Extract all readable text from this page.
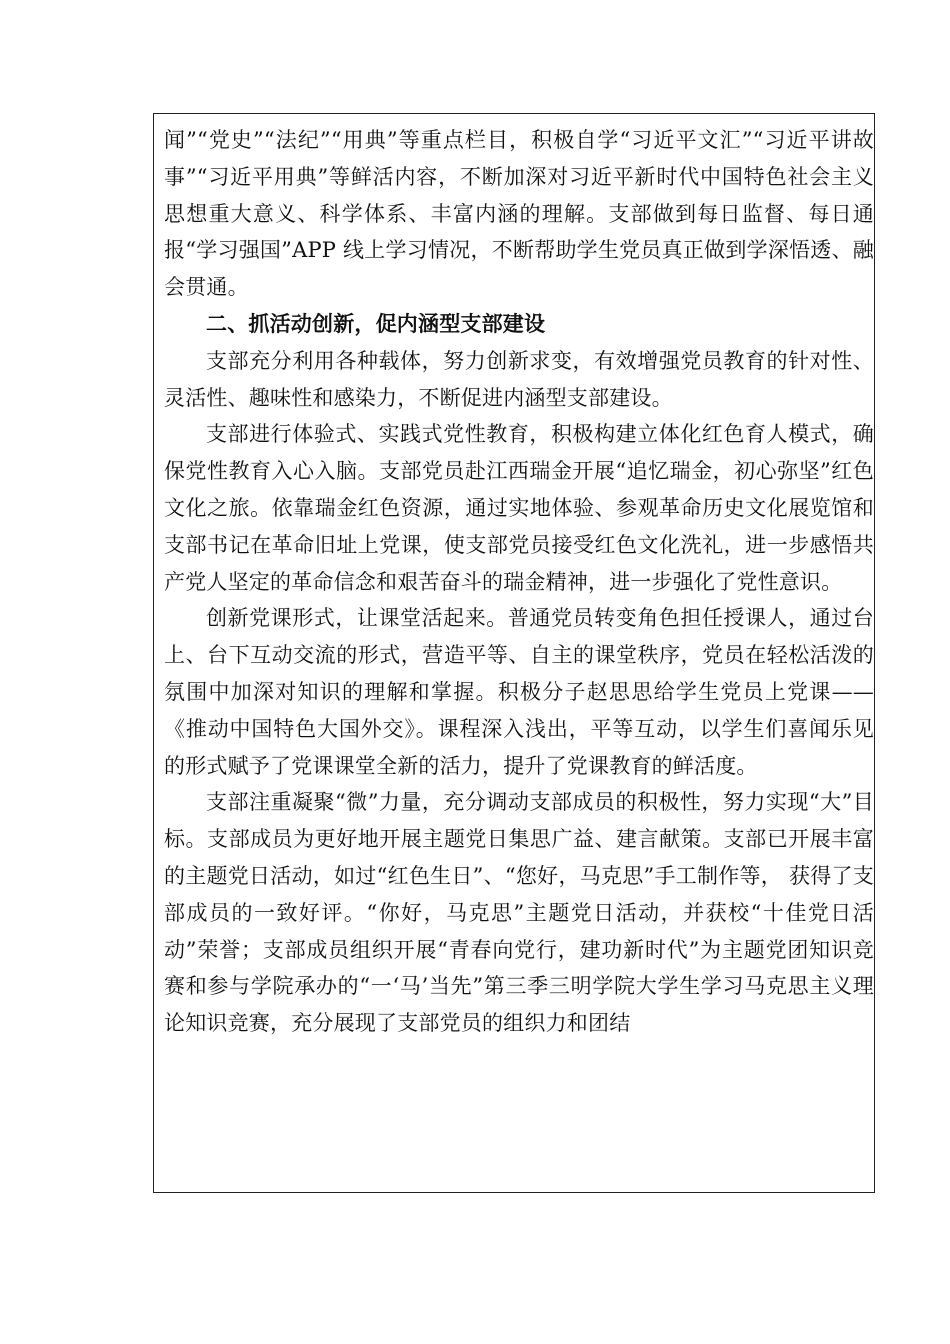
闻”“党史”“法纪”“用典”等重点栏目，积极自学“习近平文汇”“习近平讲故事”“习近平用典”等鲜活内容，不断加深对习近平新时代中国特色社会主义思想重大意义、科学体系、丰富内涵的理解。支部做到每日监督、每日通报“学习强国”APP 线上学习情况，不断帮助学生党员真正做到学深悟透、融会贯通。

二、抓活动创新，促内涵型支部建设

支部充分利用各种载体，努力创新求变，有效增强党员教育的针对性、灵活性、趣味性和感染力，不断促进内涵型支部建设。

支部进行体验式、实践式党性教育，积极构建立体化红色育人模式，确保党性教育入心入脑。支部党员赴江西瑞金开展“追忆瑞金，初心弥坚”红色文化之旅。依靠瑞金红色资源，通过实地体验、参观革命历史文化展览馆和支部书记在革命旧址上党课，使支部党员接受红色文化洗礼，进一步感悟共产党人坚定的革命信念和艰苦奋斗的瑞金精神，进一步强化了党性意识。

创新党课形式，让课堂活起来。普通党员转变角色担任授课人，通过台上、台下互动交流的形式，营造平等、自主的课堂秩序，党员在轻松活泼的氛围中加深对知识的理解和掌握。积极分子赵思思给学生党员上党课——《推动中国特色大国外交》。课程深入浅出，平等互动，以学生们喜闻乐见的形式赋予了党课课堂全新的活力，提升了党课教育的鲜活度。

支部注重凝聚“微”力量，充分调动支部成员的积极性，努力实现“大”目标。支部成员为更好地开展主题党日集思广益、建言献策。支部已开展丰富的主题党日活动，如过“红色生日”、“您好，马克思”手工制作等， 获得了支部成员的一致好评。“你好，马克思”主题党日活动，并获校“十佳党日活动”荣誉；支部成员组织开展“青春向党行，建功新时代”为主题党团知识竞赛和参与学院承办的“一‘马’当先”第三季三明学院大学生学习马克思主义理论知识竞赛，充分展现了支部党员的组织力和团结
